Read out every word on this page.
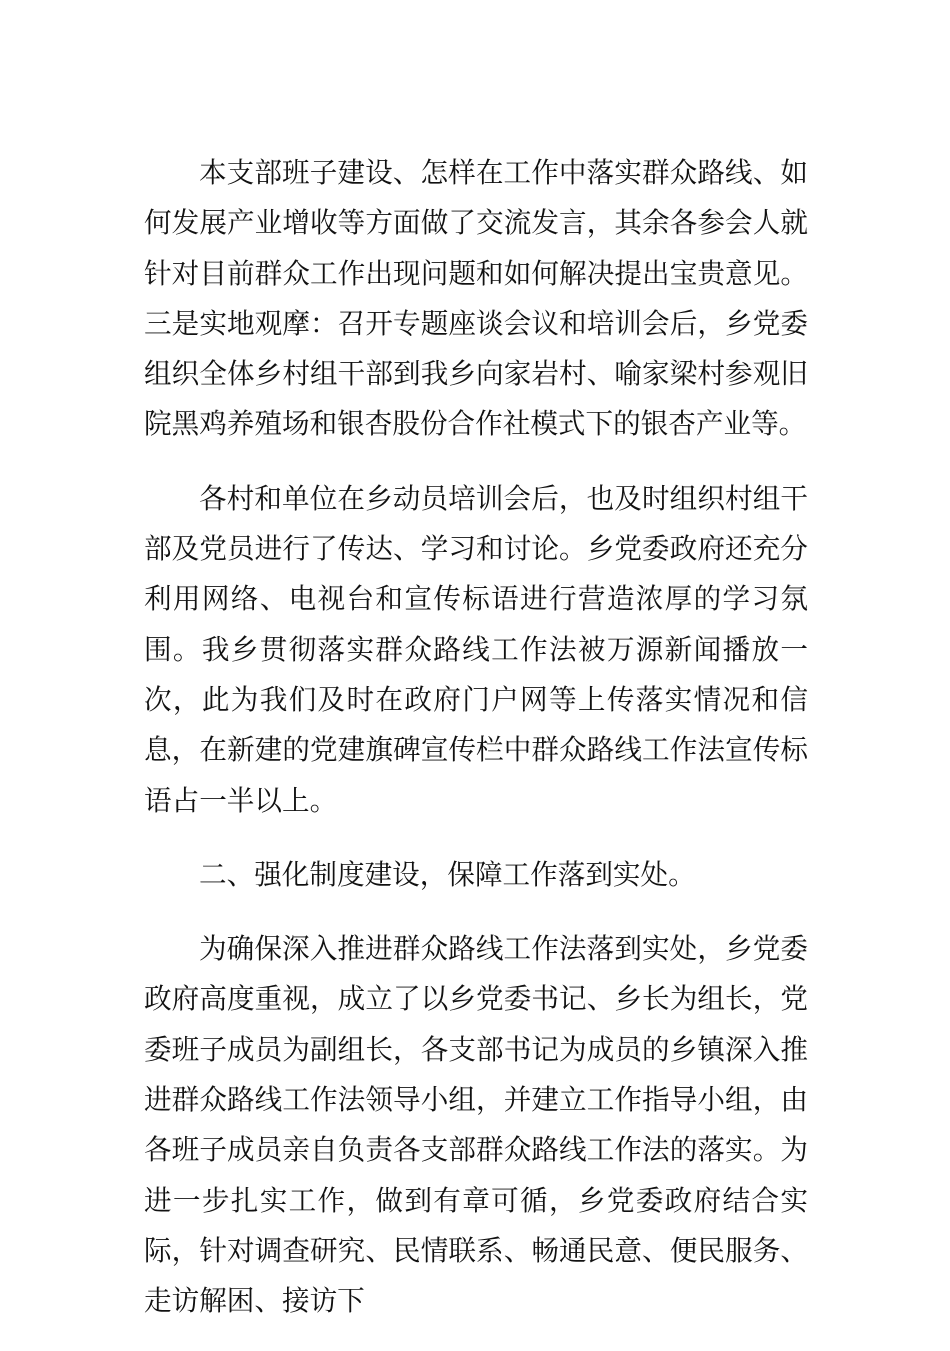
本支部班子建设、怎样在工作中落实群众路线、如何发展产业增收等方面做了交流发言，其余各参会人就针对目前群众工作出现问题和如何解决提出宝贵意见。三是实地观摩：召开专题座谈会议和培训会后，乡党委组织全体乡村组干部到我乡向家岩村、喻家梁村参观旧院黑鸡养殖场和银杏股份合作社模式下的银杏产业等。

各村和单位在乡动员培训会后，也及时组织村组干部及党员进行了传达、学习和讨论。乡党委政府还充分利用网络、电视台和宣传标语进行营造浓厚的学习氛围。我乡贯彻落实群众路线工作法被万源新闻播放一次，此为我们及时在政府门户网等上传落实情况和信息，在新建的党建旗碑宣传栏中群众路线工作法宣传标语占一半以上。

二、强化制度建设，保障工作落到实处。

为确保深入推进群众路线工作法落到实处，乡党委政府高度重视，成立了以乡党委书记、乡长为组长，党委班子成员为副组长，各支部书记为成员的乡镇深入推进群众路线工作法领导小组，并建立工作指导小组，由各班子成员亲自负责各支部群众路线工作法的落实。为进一步扎实工作，做到有章可循，乡党委政府结合实际，针对调查研究、民情联系、畅通民意、便民服务、走访解困、接访下
